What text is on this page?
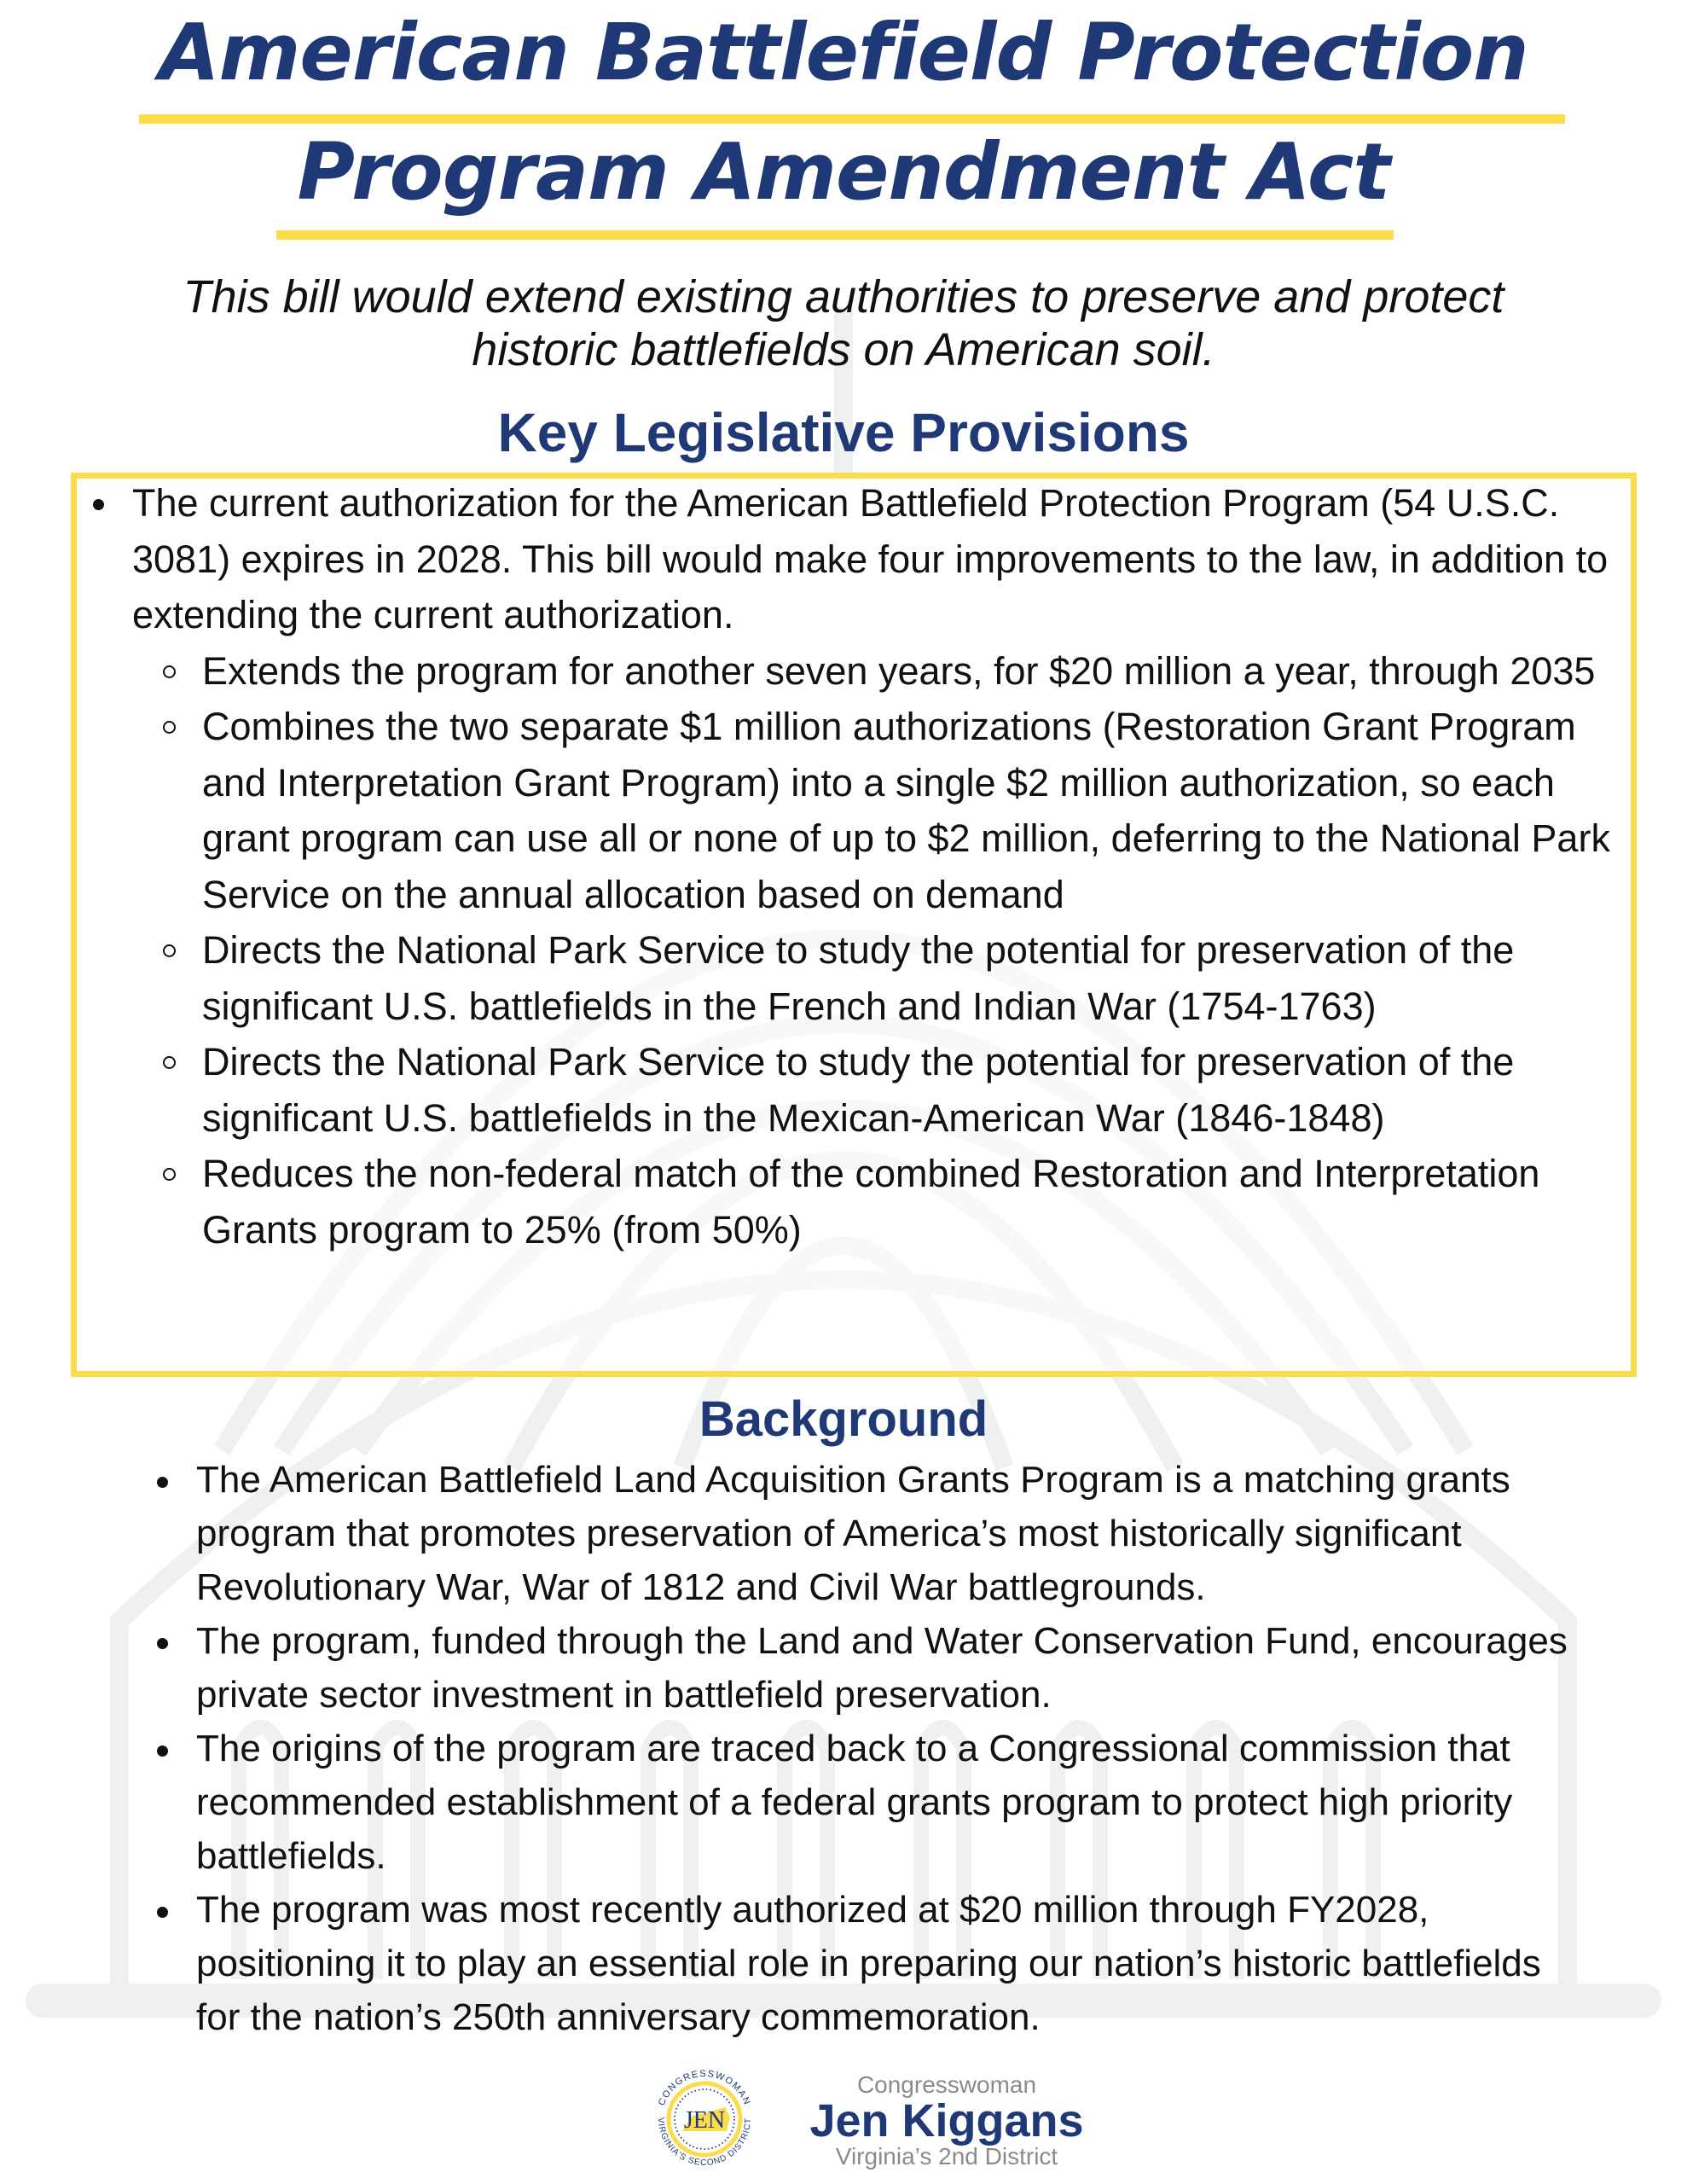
American Battlefield Protection
Program Amendment Act
This bill would extend existing authorities to preserve and protect
historic battlefields on American soil.
Key Legislative Provisions
The current authorization for the American Battlefield Protection Program (54 U.S.C. 3081) expires in 2028. This bill would make four improvements to the law, in addition to extending the current authorization.
Extends the program for another seven years, for $20 million a year, through 2035
Combines the two separate $1 million authorizations (Restoration Grant Program and Interpretation Grant Program) into a single $2 million authorization, so each grant program can use all or none of up to $2 million, deferring to the National Park Service on the annual allocation based on demand
Directs the National Park Service to study the potential for preservation of the significant U.S. battlefields in the French and Indian War (1754-1763)
Directs the National Park Service to study the potential for preservation of the significant U.S. battlefields in the Mexican-American War (1846-1848)
Reduces the non-federal match of the combined Restoration and Interpretation Grants program to 25% (from 50%)
Background
The American Battlefield Land Acquisition Grants Program is a matching grants program that promotes preservation of America’s most historically significant Revolutionary War, War of 1812 and Civil War battlegrounds.
The program, funded through the Land and Water Conservation Fund, encourages private sector investment in battlefield preservation.
The origins of the program are traced back to a Congressional commission that recommended establishment of a federal grants program to protect high priority battlefields.
The program was most recently authorized at $20 million through FY2028, positioning it to play an essential role in preparing our nation’s historic battlefields for the nation’s 250th anniversary commemoration.
JEN
CONGRESSWOMAN
VIRGINIA'S SECOND DISTRICT
Congresswoman
Jen Kiggans
Virginia’s 2nd District
